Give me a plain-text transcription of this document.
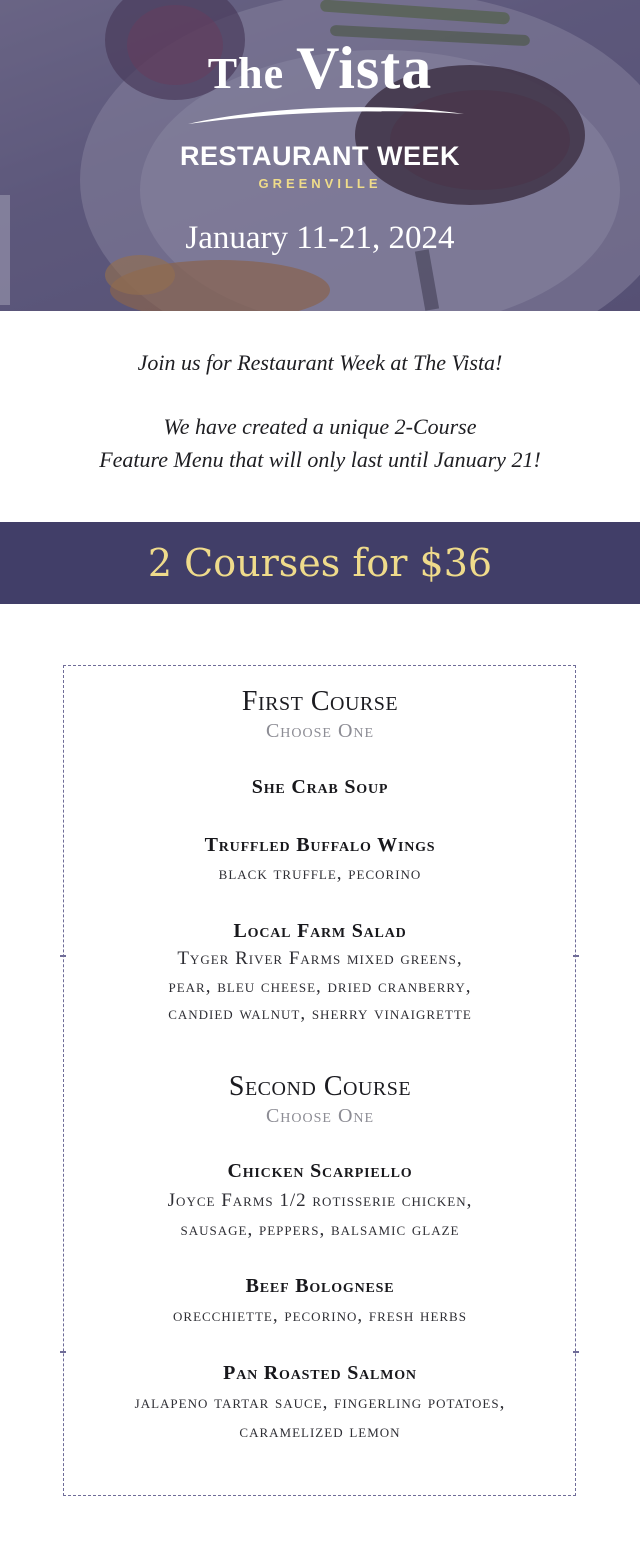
The Vista
RESTAURANT WEEK
GREENVILLE
January 11-21, 2024
Join us for Restaurant Week at The Vista!
We have created a unique 2-Course
Feature Menu that will only last until January 21!
2 Courses for $36
First Course
Choose One
She Crab Soup
Truffled Buffalo Wings
black truffle, pecorino
Local Farm Salad
Tyger River Farms mixed greens,
pear, bleu cheese, dried cranberry,
candied walnut, sherry vinaigrette
Second Course
Choose One
Chicken Scarpiello
Joyce Farms 1/2 rotisserie chicken,
sausage, peppers, balsamic glaze
Beef Bolognese
orecchiette, pecorino, fresh herbs
Pan Roasted Salmon
jalapeno tartar sauce, fingerling potatoes,
caramelized lemon
